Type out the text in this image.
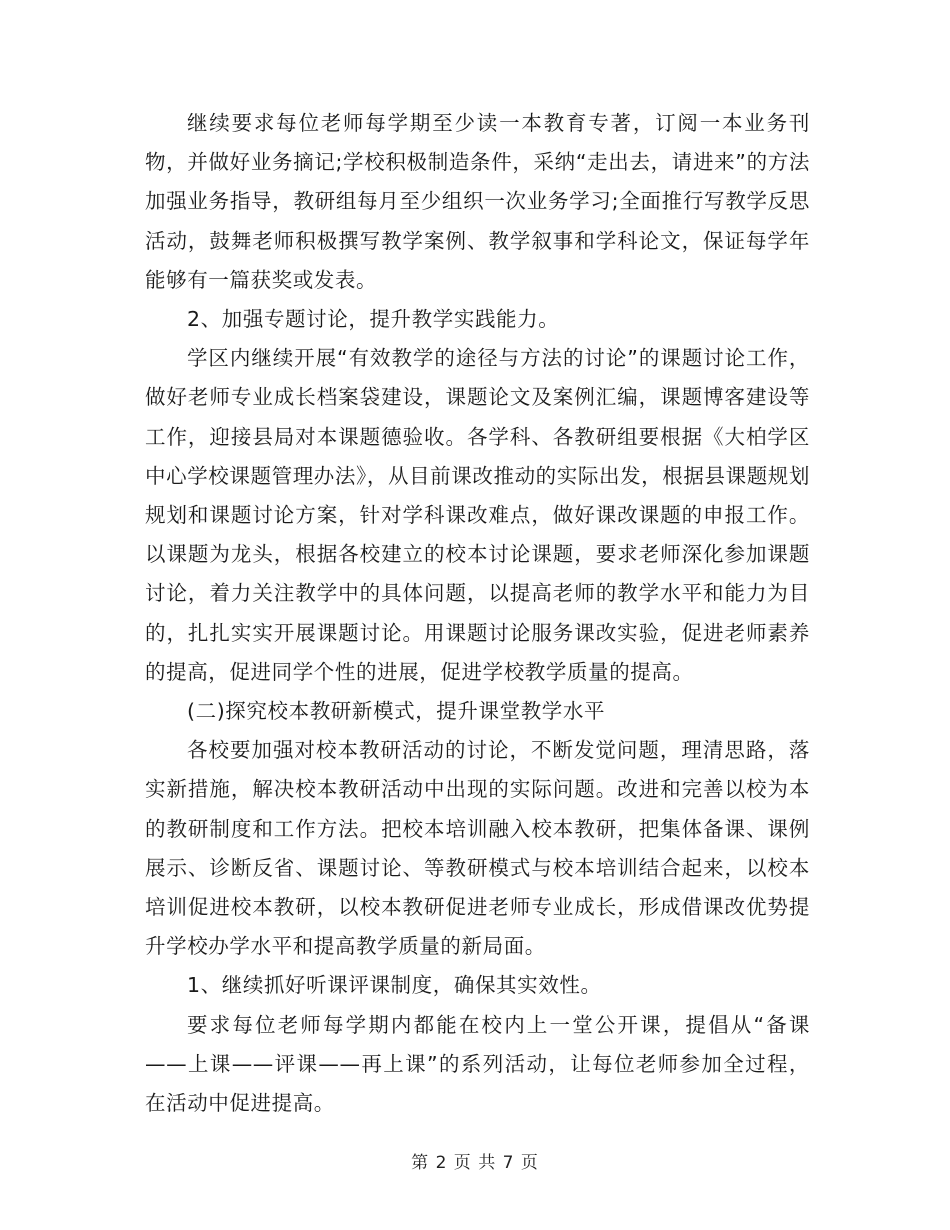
继续要求每位老师每学期至少读一本教育专著，订阅一本业务刊物，并做好业务摘记;学校积极制造条件，采纳“走出去，请进来”的方法加强业务指导，教研组每月至少组织一次业务学习;全面推行写教学反思活动，鼓舞老师积极撰写教学案例、教学叙事和学科论文，保证每学年能够有一篇获奖或发表。

2、加强专题讨论，提升教学实践能力。

学区内继续开展“有效教学的途径与方法的讨论”的课题讨论工作，做好老师专业成长档案袋建设，课题论文及案例汇编，课题博客建设等工作，迎接县局对本课题德验收。各学科、各教研组要根据《大柏学区中心学校课题管理办法》，从目前课改推动的实际出发，根据县课题规划规划和课题讨论方案，针对学科课改难点，做好课改课题的申报工作。以课题为龙头，根据各校建立的校本讨论课题，要求老师深化参加课题讨论，着力关注教学中的具体问题，以提高老师的教学水平和能力为目的，扎扎实实开展课题讨论。用课题讨论服务课改实验，促进老师素养的提高，促进同学个性的进展，促进学校教学质量的提高。

(二)探究校本教研新模式，提升课堂教学水平

各校要加强对校本教研活动的讨论，不断发觉问题，理清思路，落实新措施，解决校本教研活动中出现的实际问题。改进和完善以校为本的教研制度和工作方法。把校本培训融入校本教研，把集体备课、课例展示、诊断反省、课题讨论、等教研模式与校本培训结合起来，以校本培训促进校本教研，以校本教研促进老师专业成长，形成借课改优势提升学校办学水平和提高教学质量的新局面。

1、继续抓好听课评课制度，确保其实效性。

要求每位老师每学期内都能在校内上一堂公开课，提倡从“备课——上课——评课——再上课”的系列活动，让每位老师参加全过程，在活动中促进提高。

第 2 页 共 7 页
